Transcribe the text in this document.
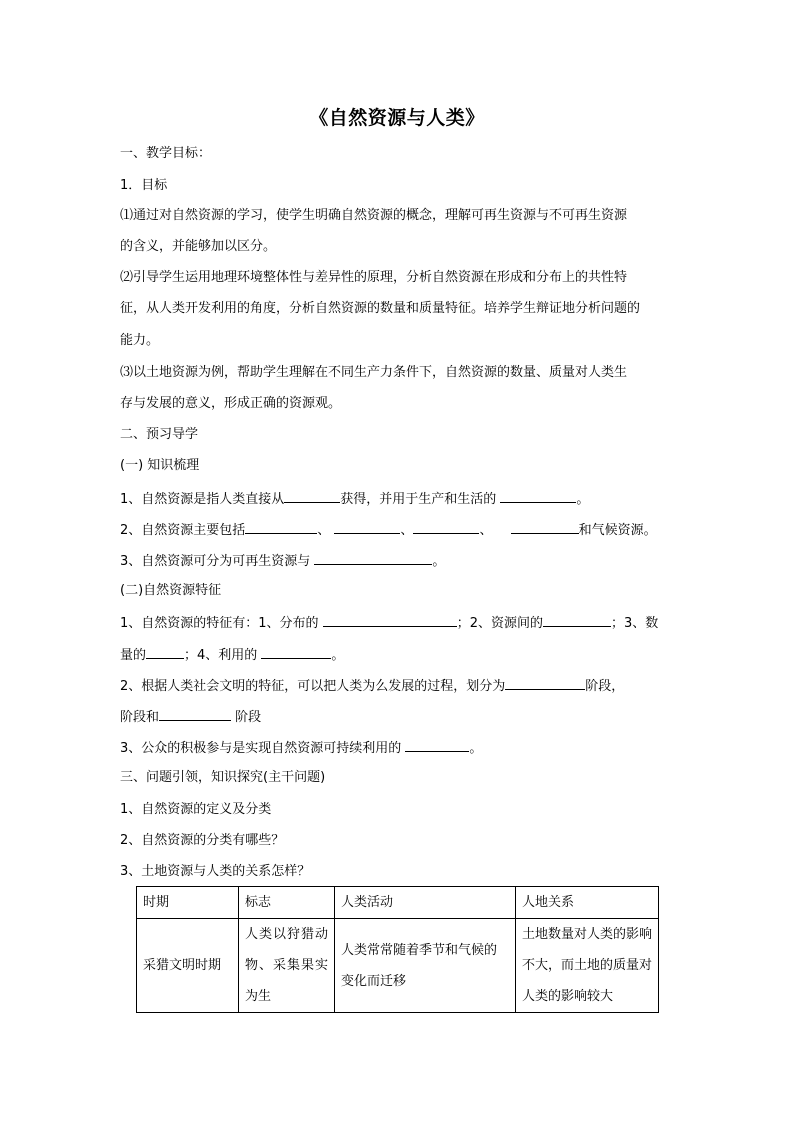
《自然资源与人类》
一、教学目标：
1．目标
⑴通过对自然资源的学习，使学生明确自然资源的概念，理解可再生资源与不可再生资源
的含义，并能够加以区分。
⑵引导学生运用地理环境整体性与差异性的原理，分析自然资源在形成和分布上的共性特
征，从人类开发利用的角度，分析自然资源的数量和质量特征。培养学生辩证地分析问题的
能力。
⑶以土地资源为例，帮助学生理解在不同生产力条件下，自然资源的数量、质量对人类生
存与发展的意义，形成正确的资源观。
二、预习导学
(一) 知识梳理
1、自然资源是指人类直接从	获得，并用于生产和生活的	。
2、自然资源主要包括	、	、	、	和气候资源。
3、自然资源可分为可再生资源与	。
(二)自然资源特征
1、自然资源的特征有：1、分布的	；2、资源间的	；3、数
量的	；4、利用的	。
2、根据人类社会文明的特征，可以把人类为么发展的过程，划分为	阶段，
阶段和	阶段
3、公众的积极参与是实现自然资源可持续利用的	。
三、问题引领，知识探究(主干问题)
1、自然资源的定义及分类
2、自然资源的分类有哪些？
3、土地资源与人类的关系怎样？
时期	标志	人类活动	人地关系
采猎文明时期	人类以狩猎动物、采集果实为生	人类常常随着季节和气候的变化而迁移	土地数量对人类的影响不大，而土地的质量对人类的影响较大
